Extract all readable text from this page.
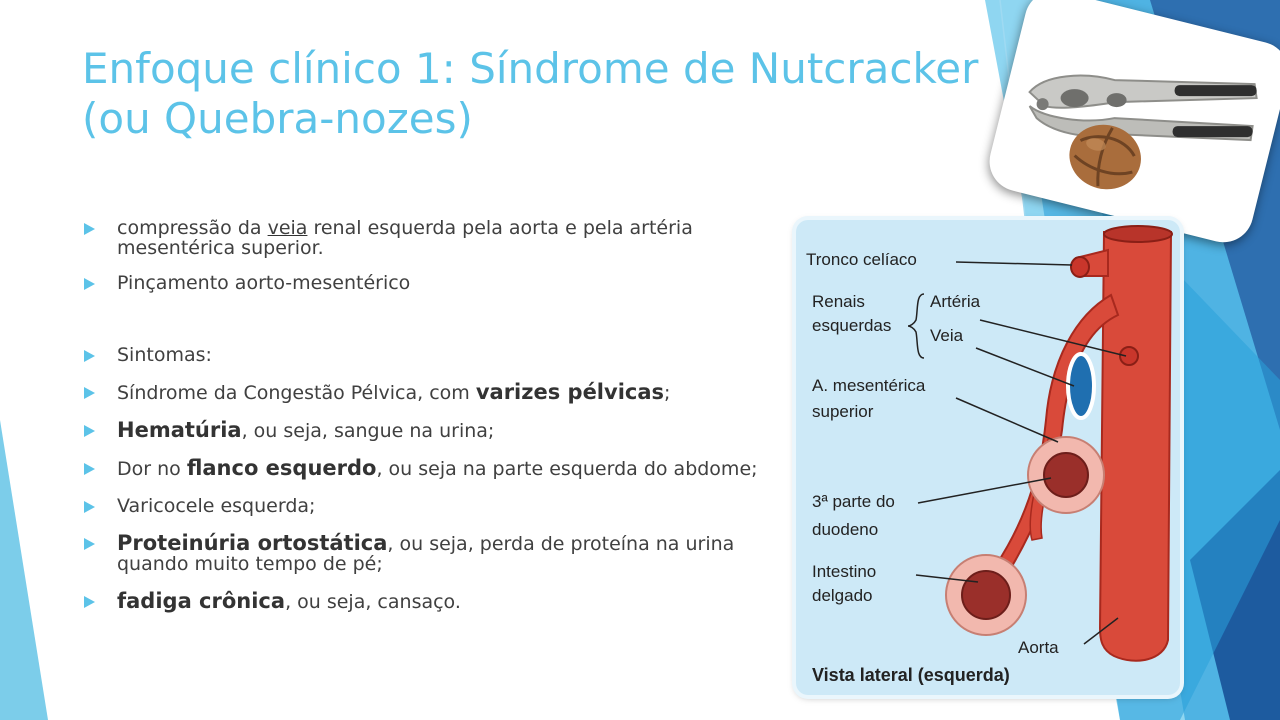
Enfoque clínico 1: Síndrome de Nutcracker
(ou Quebra-nozes)
compressão da veia renal esquerda pela aorta e pela artéria mesentérica superior.
Pinçamento aorto-mesentérico
Sintomas:
Síndrome da Congestão Pélvica, com varizes pélvicas;
Hematúria, ou seja, sangue na urina;
Dor no flanco esquerdo, ou seja na parte esquerda do abdome;
Varicocele esquerda;
Proteinúria ortostática, ou seja, perda de proteína na urina quando muito tempo de pé;
fadiga crônica, ou seja, cansaço.
Tronco celíaco
Renais
esquerdas
Artéria
Veia
A. mesentérica
superior
3ª parte do
duodeno
Intestino
delgado
Aorta
Vista lateral (esquerda)
